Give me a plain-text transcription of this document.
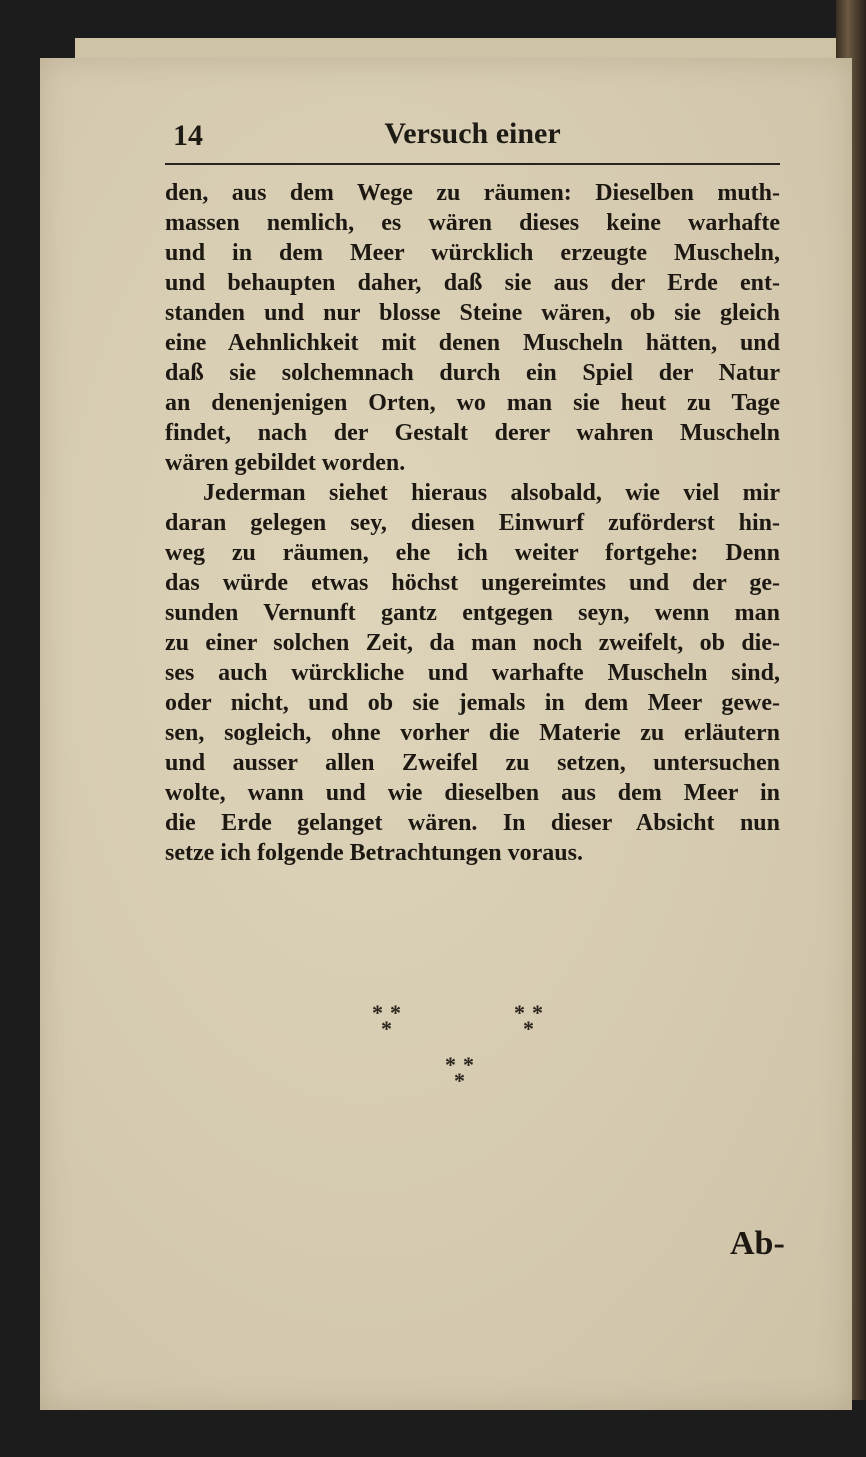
14	Versuch einer
den, aus dem Wege zu räumen: Dieselben muth-
massen nemlich, es wären dieses keine warhafte
und in dem Meer würcklich erzeugte Muscheln,
und behaupten daher, daß sie aus der Erde ent-
standen und nur blosse Steine wären, ob sie gleich
eine Aehnlichkeit mit denen Muscheln hätten, und
daß sie solchemnach durch ein Spiel der Natur
an denenjenigen Orten, wo man sie heut zu Tage
findet, nach der Gestalt derer wahren Muscheln
wären gebildet worden.
Jederman siehet hieraus alsobald, wie viel mir
daran gelegen sey, diesen Einwurf zuförderst hin-
weg zu räumen, ehe ich weiter fortgehe: Denn
das würde etwas höchst ungereimtes und der ge-
sunden Vernunft gantz entgegen seyn, wenn man
zu einer solchen Zeit, da man noch zweifelt, ob die-
ses auch würckliche und warhafte Muscheln sind,
oder nicht, und ob sie jemals in dem Meer gewe-
sen, sogleich, ohne vorher die Materie zu erläutern
und ausser allen Zweifel zu setzen, untersuchen
wolte, wann und wie dieselben aus dem Meer in
die Erde gelanget wären. In dieser Absicht nun
setze ich folgende Betrachtungen voraus.
* *
*
* *
*
* *
*
Ab-
